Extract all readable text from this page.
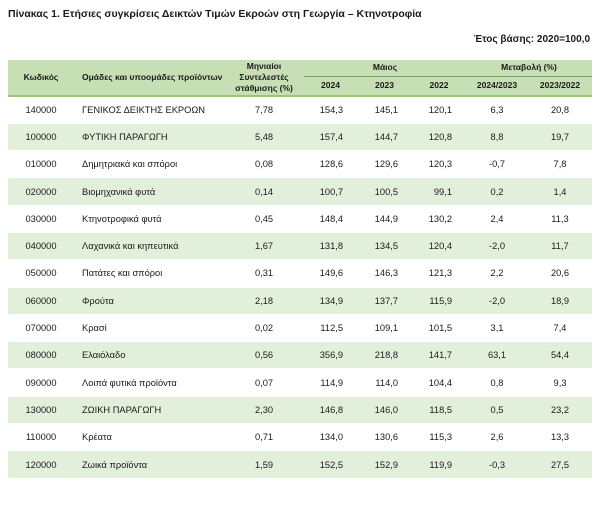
Πίνακας 1. Ετήσιες συγκρίσεις Δεικτών Τιμών Εκροών στη Γεωργία – Κτηνοτροφία
Έτος βάσης: 2020=100,0
Κωδικός	Ομάδες και υπoομάδες προϊόντων	Μηνιαίοι Συντελεστές στάθμισης (%)	Μάιος			Μεταβολή (%)	
			2024	2023	2022	2024/2023	2023/2022
140000	ΓΕΝΙΚΟΣ ΔΕΙΚΤΗΣ ΕΚΡΟΩΝ	7,78	154,3	145,1	120,1	6,3	20,8
100000	ΦΥΤΙΚΗ ΠΑΡΑΓΩΓΗ	5,48	157,4	144,7	120,8	8,8	19,7
010000	Δημητριακά και σπόροι	0,08	128,6	129,6	120,3	-0,7	7,8
020000	Βιομηχανικά φυτά	0,14	100,7	100,5	99,1	0,2	1,4
030000	Κτηνοτροφικά φυτά	0,45	148,4	144,9	130,2	2,4	11,3
040000	Λαχανικά και κηπευτικά	1,67	131,8	134,5	120,4	-2,0	11,7
050000	Πατάτες και σπόροι	0,31	149,6	146,3	121,3	2,2	20,6
060000	Φρούτα	2,18	134,9	137,7	115,9	-2,0	18,9
070000	Κρασί	0,02	112,5	109,1	101,5	3,1	7,4
080000	Ελαιόλαδο	0,56	356,9	218,8	141,7	63,1	54,4
090000	Λοιπά φυτικά προϊόντα	0,07	114,9	114,0	104,4	0,8	9,3
130000	ΖΩΙΚΗ ΠΑΡΑΓΩΓΗ	2,30	146,8	146,0	118,5	0,5	23,2
110000	Κρέατα	0,71	134,0	130,6	115,3	2,6	13,3
120000	Ζωικά προϊόντα	1,59	152,5	152,9	119,9	-0,3	27,5
